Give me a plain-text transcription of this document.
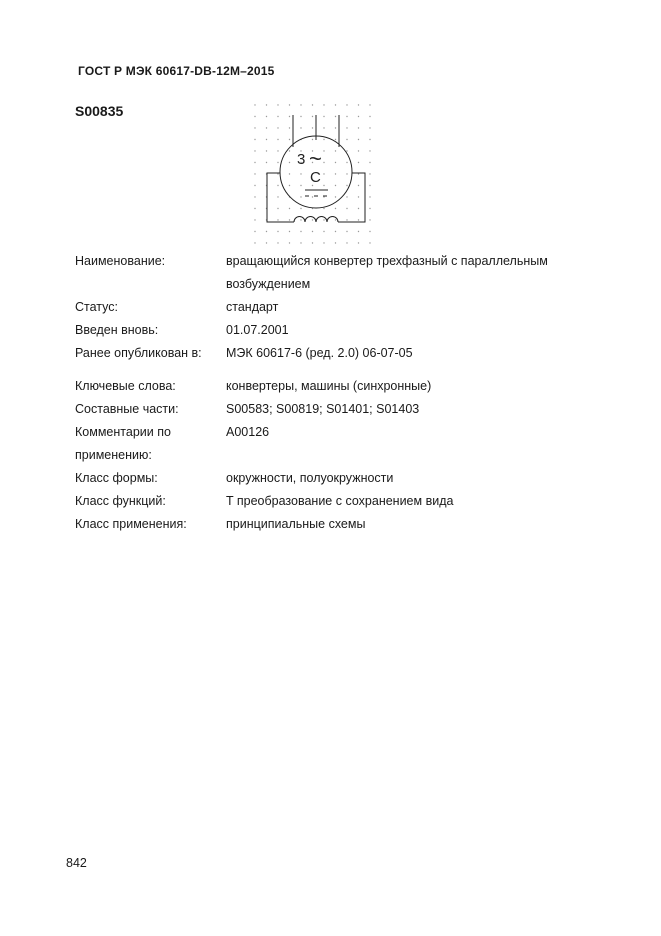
ГОСТ Р МЭК 60617-DB-12M–2015
S00835
3 ~
C
Наименование:	вращающийся конвертер трехфазный с параллельным возбуждением
Статус:	стандарт
Введен вновь:	01.07.2001
Ранее опубликован в:	МЭК 60617-6 (ред. 2.0) 06-07-05
Ключевые слова:	конвертеры, машины (синхронные)
Составные части:	S00583; S00819; S01401; S01403
Комментарии по применению:
A00126
Класс формы:	окружности, полуокружности
Класс функций:	T преобразование с сохранением вида
Класс применения:	принципиальные схемы
842
